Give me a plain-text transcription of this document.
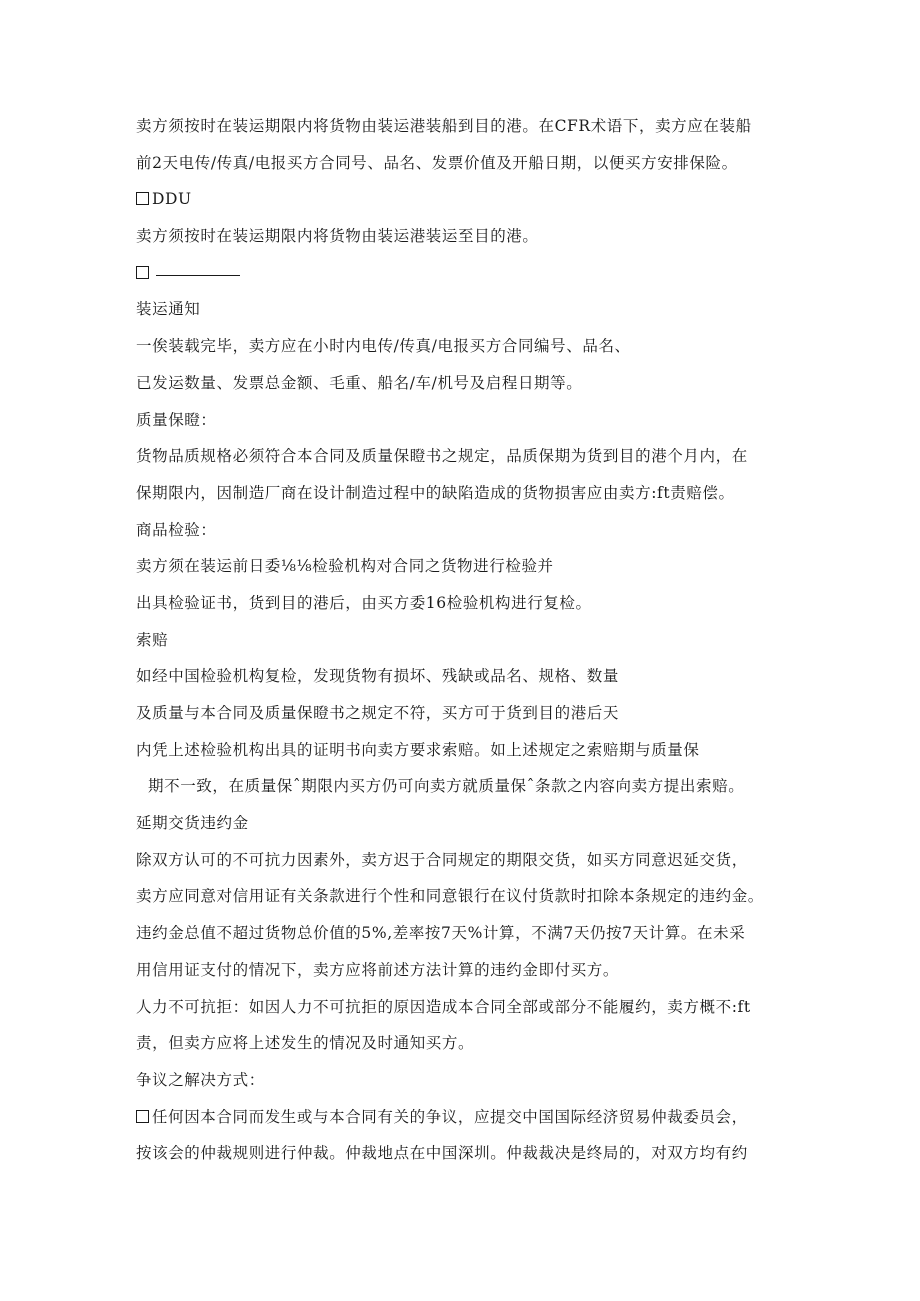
卖方须按时在装运期限内将货物由装运港装船到目的港。在CFR术语下，卖方应在装船
前2天电传/传真/电报买方合同号、品名、发票价值及开船日期，以便买方安排保险。
DDU
卖方须按时在装运期限内将货物由装运港装运至目的港。
装运通知
一俟装载完毕，卖方应在小时内电传/传真/电报买方合同编号、品名、
已发运数量、发票总金额、毛重、船名/车/机号及启程日期等。
质量保瞪：
货物品质规格必须符合本合同及质量保瞪书之规定，品质保期为货到目的港个月内，在
保期限内，因制造厂商在设计制造过程中的缺陷造成的货物损害应由卖方:ft责赔偿。
商品检验：
卖方须在装运前日委⅛⅛检验机构对合同之货物进行检验并
出具检验证书，货到目的港后，由买方委16检验机构进行复检。
索赔
如经中国检验机构复检，发现货物有损坏、残缺或品名、规格、数量
及质量与本合同及质量保瞪书之规定不符，买方可于货到目的港后天
内凭上述检验机构出具的证明书向卖方要求索赔。如上述规定之索赔期与质量保
期不一致，在质量保ˆ期限内买方仍可向卖方就质量保ˆ条款之内容向卖方提出索赔。
延期交货违约金
除双方认可的不可抗力因素外，卖方迟于合同规定的期限交货，如买方同意迟延交货，
卖方应同意对信用证有关条款进行个性和同意银行在议付货款时扣除本条规定的违约金。
违约金总值不超过货物总价值的5%,差率按7天%计算，不满7天仍按7天计算。在未采
用信用证支付的情况下，卖方应将前述方法计算的违约金即付买方。
人力不可抗拒：如因人力不可抗拒的原因造成本合同全部或部分不能履约，卖方概不:ft
责，但卖方应将上述发生的情况及时通知买方。
争议之解决方式：
任何因本合同而发生或与本合同有关的争议，应提交中国国际经济贸易仲裁委员会，
按该会的仲裁规则进行仲裁。仲裁地点在中国深圳。仲裁裁决是终局的，对双方均有约
